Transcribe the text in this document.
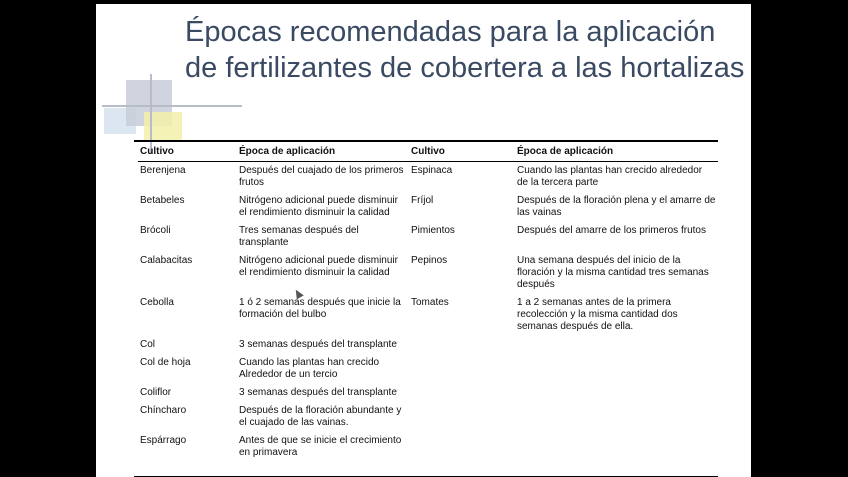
Épocas recomendadas para la aplicación de fertilizantes de cobertera a las hortalizas
Cultivo	Época de aplicación	Cultivo	Época de aplicación
Berenjena	Después del cuajado de los primeros frutos	Espinaca	Cuando las plantas han crecido alrededor de la tercera parte
Betabeles	Nitrógeno adicional puede disminuir el rendimiento disminuir la calidad	Fríjol	Después de la floración plena y el amarre de las vainas
Brócoli	Tres semanas después del transplante	Pimientos	Después del amarre de los primeros frutos
Calabacitas	Nitrógeno adicional puede disminuir el rendimiento disminuir la calidad	Pepinos	Una semana después del inicio de la floración y la misma cantidad tres semanas después
Cebolla	1 ó 2 semanas después que inicie la formación del bulbo	Tomates	1 a 2 semanas antes de la primera recolección y la misma cantidad dos semanas después de ella.
Col	3 semanas después del transplante		
Col de hoja	Cuando las plantas han crecido Alrededor de un tercio		
Coliflor	3 semanas después del transplante		
Chíncharo	Después de la floración abundante y el cuajado de las vainas.		
Espárrago	Antes de que se inicie el crecimiento en primavera		
